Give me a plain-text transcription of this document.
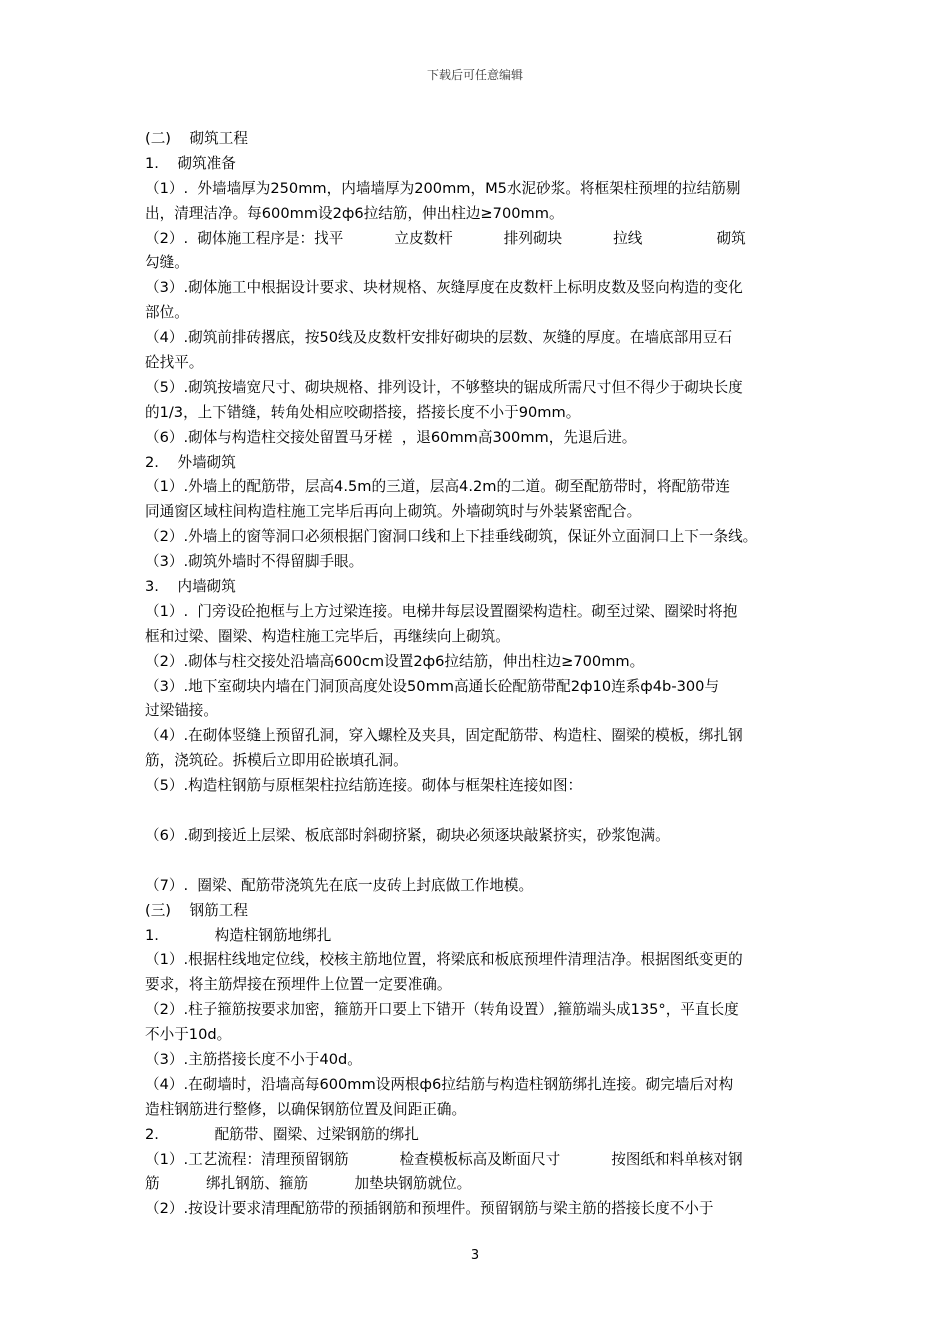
下载后可任意编辑
(二)    砌筑工程
1.    砌筑准备
（1）.  外墙墙厚为250mm，内墙墙厚为200mm，M5水泥砂浆。将框架柱预埋的拉结筋剔
出，清理洁净。每600mm设2ф6拉结筋，伸出柱边≥700mm。
（2）.  砌体施工程序是：找平           立皮数杆           排列砌块           拉线                砌筑
勾缝。
（3）.砌体施工中根据设计要求、块材规格、灰缝厚度在皮数杆上标明皮数及竖向构造的变化
部位。
（4）.砌筑前排砖撂底，按50线及皮数杆安排好砌块的层数、灰缝的厚度。在墙底部用豆石
砼找平。
（5）.砌筑按墙宽尺寸、砌块规格、排列设计，不够整块的锯成所需尺寸但不得少于砌块长度
的1/3，上下错缝，转角处相应咬砌搭接，搭接长度不小于90mm。
（6）.砌体与构造柱交接处留置马牙槎  ，退60mm高300mm，先退后进。
2.    外墙砌筑
（1）.外墙上的配筋带，层高4.5m的三道，层高4.2m的二道。砌至配筋带时，将配筋带连
同通窗区域柱间构造柱施工完毕后再向上砌筑。外墙砌筑时与外装紧密配合。
（2）.外墙上的窗等洞口必须根据门窗洞口线和上下挂垂线砌筑，保证外立面洞口上下一条线。
（3）.砌筑外墙时不得留脚手眼。
3.    内墙砌筑
（1）.  门旁设砼抱框与上方过梁连接。电梯井每层设置圈梁构造柱。砌至过梁、圈梁时将抱
框和过梁、圈梁、构造柱施工完毕后，再继续向上砌筑。
（2）.砌体与柱交接处沿墙高600cm设置2ф6拉结筋，伸出柱边≥700mm。
（3）.地下室砌块内墙在门洞顶高度处设50mm高通长砼配筋带配2ф10连系ф4b-300与
过梁锚接。
（4）.在砌体竖缝上预留孔洞，穿入螺栓及夹具，固定配筋带、构造柱、圈梁的模板，绑扎钢
筋，浇筑砼。拆模后立即用砼嵌填孔洞。
（5）.构造柱钢筋与原框架柱拉结筋连接。砌体与框架柱连接如图：
（6）.砌到接近上层梁、板底部时斜砌挤紧，砌块必须逐块敲紧挤实，砂浆饱满。
（7）.  圈梁、配筋带浇筑先在底一皮砖上封底做工作地模。
(三)    钢筋工程
1.            构造柱钢筋地绑扎
（1）.根据柱线地定位线，校核主筋地位置，将梁底和板底预埋件清理洁净。根据图纸变更的
要求，将主筋焊接在预埋件上位置一定要准确。
（2）.柱子箍筋按要求加密，箍筋开口要上下错开（转角设置）,箍筋端头成135°，平直长度
不小于10d。
（3）.主筋搭接长度不小于40d。
（4）.在砌墙时，沿墙高每600mm设两根ф6拉结筋与构造柱钢筋绑扎连接。砌完墙后对构
造柱钢筋进行整修，以确保钢筋位置及间距正确。
2.            配筋带、圈梁、过梁钢筋的绑扎
（1）.工艺流程：清理预留钢筋           检查模板标高及断面尺寸           按图纸和料单核对钢
筋          绑扎钢筋、箍筋          加垫块钢筋就位。
（2）.按设计要求清理配筋带的预插钢筋和预埋件。预留钢筋与梁主筋的搭接长度不小于
3
